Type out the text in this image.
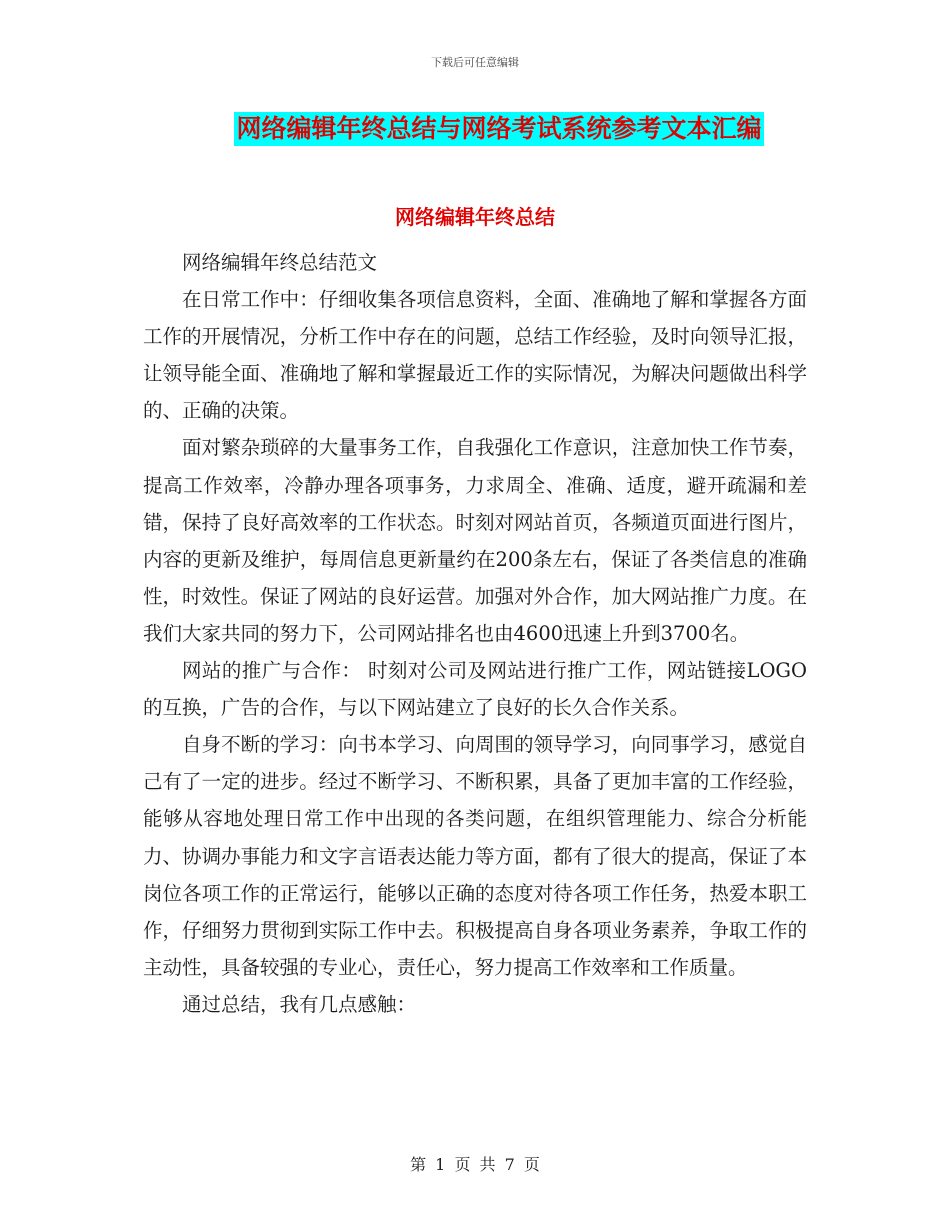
下载后可任意编辑
网络编辑年终总结与网络考试系统参考文本汇编
网络编辑年终总结

网络编辑年终总结范文

在日常工作中：仔细收集各项信息资料，全面、准确地了解和掌握各方面工作的开展情况，分析工作中存在的问题，总结工作经验，及时向领导汇报，让领导能全面、准确地了解和掌握最近工作的实际情况，为解决问题做出科学的、正确的决策。

面对繁杂琐碎的大量事务工作，自我强化工作意识，注意加快工作节奏，提高工作效率，冷静办理各项事务，力求周全、准确、适度，避开疏漏和差错，保持了良好高效率的工作状态。时刻对网站首页，各频道页面进行图片，内容的更新及维护，每周信息更新量约在200条左右，保证了各类信息的准确性，时效性。保证了网站的良好运营。加强对外合作，加大网站推广力度。在我们大家共同的努力下，公司网站排名也由4600迅速上升到3700名。

网站的推广与合作： 时刻对公司及网站进行推广工作，网站链接LOGO的互换，广告的合作，与以下网站建立了良好的长久合作关系。

自身不断的学习：向书本学习、向周围的领导学习，向同事学习，感觉自己有了一定的进步。经过不断学习、不断积累，具备了更加丰富的工作经验，能够从容地处理日常工作中出现的各类问题，在组织管理能力、综合分析能力、协调办事能力和文字言语表达能力等方面，都有了很大的提高，保证了本岗位各项工作的正常运行，能够以正确的态度对待各项工作任务，热爱本职工作，仔细努力贯彻到实际工作中去。积极提高自身各项业务素养，争取工作的主动性，具备较强的专业心，责任心，努力提高工作效率和工作质量。

通过总结，我有几点感触：

第 1 页 共 7 页
